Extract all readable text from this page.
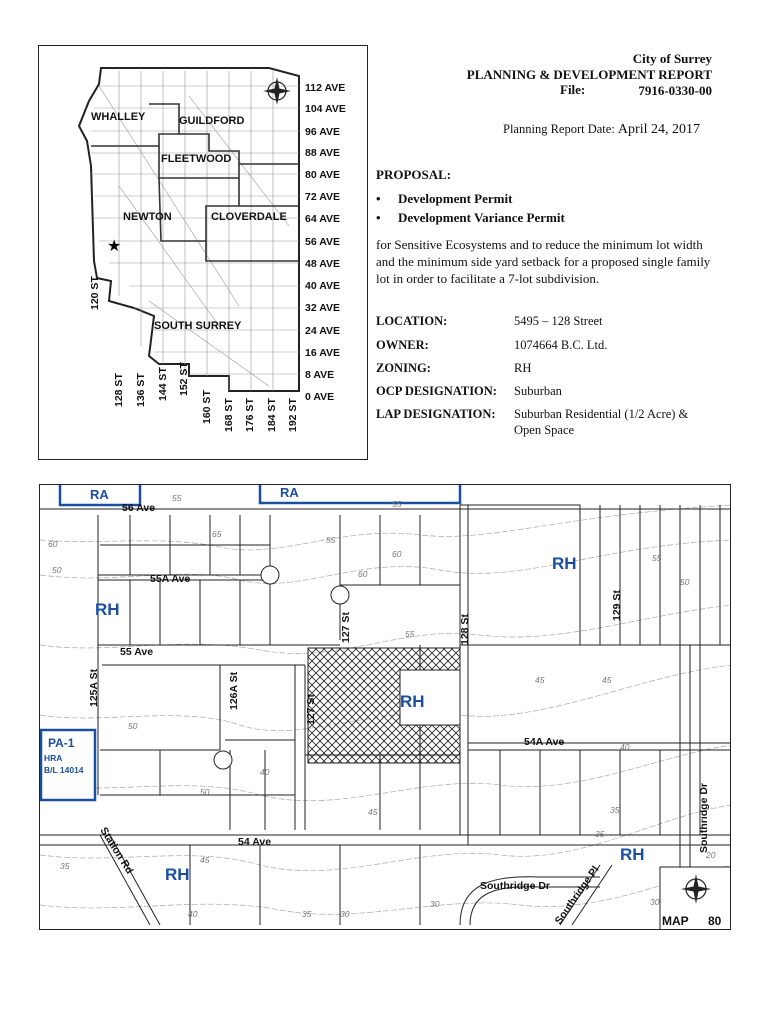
★
WHALLEY	GUILDFORD
FLEETWOOD
NEWTON	CLOVERDALE
SOUTH SURREY
112 AVE
104 AVE
96 AVE
88 AVE
80 AVE
72 AVE
64 AVE
56 AVE
48 AVE
40 AVE
32 AVE
24 AVE
16 AVE
8 AVE
0 AVE
120 ST
128 ST 136 ST 144 ST 152 ST
160 ST 168 ST 176 ST 184 ST 192 ST
City of Surrey
PLANNING & DEVELOPMENT REPORT
File:	7916-0330-00
Planning Report Date: April 24, 2017
PROPOSAL:
• Development Permit
• Development Variance Permit
for Sensitive Ecosystems and to reduce the minimum lot width and the minimum side yard setback for a proposed single family lot in order to facilitate a 7-lot subdivision.
LOCATION:	5495 – 128 Street
OWNER:	1074664 B.C. Ltd.
ZONING:	RH
OCP DESIGNATION: Suburban
LAP DESIGNATION: Suburban Residential (1/2 Acre) & Open Space
RA	RA
RH
RH
RH
RH
RH
PA-1
HRA
B/L 14014
56 Ave
55A Ave
55 Ave
54A Ave
54 Ave
125A St	126A St	127 St
127 St	128 St
129 St
Station Rd
Southridge Dr
Southridge Dr
Southridge Pl
55
65
60
50
55
60
55
60
55
50
45
40
35
30
45
50
45
40	35	30
20
35
30
35
40
45
50
55
MAP 80
